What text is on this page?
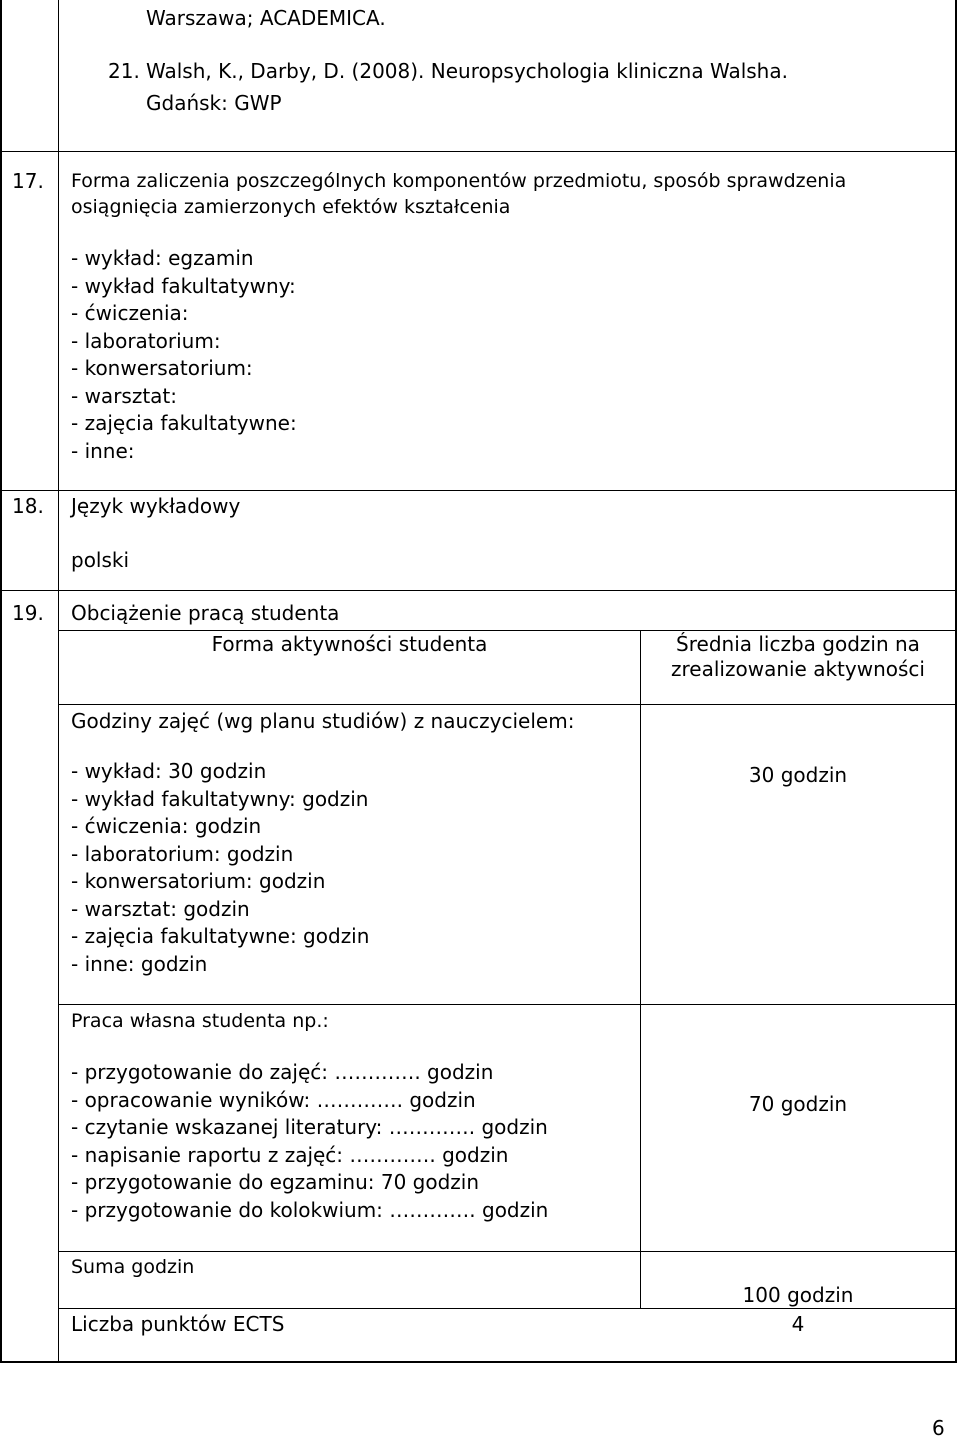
Warszawa; ACADEMICA.
21. Walsh, K., Darby, D. (2008). Neuropsychologia kliniczna Walsha.
Gdańsk: GWP
17. Forma zaliczenia poszczególnych komponentów przedmiotu, sposób sprawdzenia
osiągnięcia zamierzonych efektów kształcenia
- wykład: egzamin
- wykład fakultatywny:
- ćwiczenia:
- laboratorium:
- konwersatorium:
- warsztat:
- zajęcia fakultatywne:
- inne:
18. Język wykładowy
polski
19. Obciążenie pracą studenta
Forma aktywności studenta	Średnia liczba godzin na
zrealizowanie aktywności
Godziny zajęć (wg planu studiów) z nauczycielem:
- wykład: 30 godzin
- wykład fakultatywny: godzin
- ćwiczenia: godzin
- laboratorium: godzin
- konwersatorium: godzin
- warsztat: godzin
- zajęcia fakultatywne: godzin
- inne: godzin
30 godzin
Praca własna studenta np.:
- przygotowanie do zajęć: …………. godzin
- opracowanie wyników: …………. godzin
- czytanie wskazanej literatury: …………. godzin
- napisanie raportu z zajęć: …………. godzin
- przygotowanie do egzaminu: 70 godzin
- przygotowanie do kolokwium: …………. godzin
70 godzin
Suma godzin
100 godzin
Liczba punktów ECTS	4
6
